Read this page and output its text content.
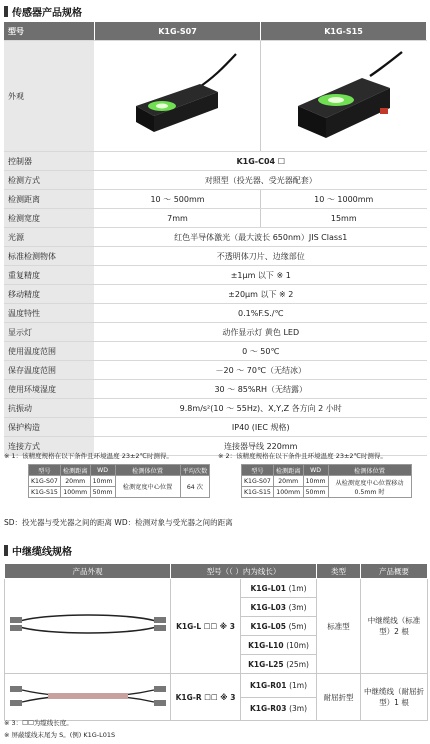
传感器产品规格
型号	K1G-S07	K1G-S15
外观	

控制器	K1G-C04 ☐	
检测方式	对照型（投光器、受光器配套）	
检测距离	10 ～ 500mm	10 ～ 1000mm
检测宽度	7mm	15mm
光源	红色半导体激光（最大波长 650nm）JIS Class1	
标准检测物体	不透明体刀片、边缘部位	
重复精度	±1μm 以下 ※ 1	
移动精度	±20μm 以下 ※ 2	
温度特性	0.1%F.S./℃	
显示灯	动作显示灯 黄色 LED	
使用温度范围	0 ～ 50℃	
保存温度范围	－20 ～ 70℃（无结冰）	
使用环境湿度	30 ～ 85%RH（无结露）	
抗振动	9.8m/s²(10 ～ 55Hz)、X,Y,Z 各方向 2 小时	
保护构造	IP40 (IEC 规格)	
连接方式	连接器导线 220mm	
※ 1：该精度规格在以下条件且环境温度 23±2℃时测得。	※ 2：该精度规格在以下条件且环境温度 23±2℃时测得。
型号	检测距离	WD	检测体位置	平均次数
K1G-S07	20mm	10mm	检测宽度中心位置	64 次
K1G-S15	100mm	50mm		
型号	检测距离	WD	检测体位置
K1G-S07	20mm	10mm	从检测宽度中心位置移动 0.5mm 时
K1G-S15	100mm	50mm	
SD：投光器与受光器之间的距离 WD：检测对象与受光器之间的距离
中继缆线规格
产品外观	型号（（ ）内为线长）		类型	产品概要
	K1G-L ☐☐ ※ 3	K1G-L01 (1m)	标准型	中继缆线（标准型）2 根
		K1G-L03 (3m)		
		K1G-L05 (5m)		
		K1G-L10 (10m)		
		K1G-L25 (25m)		
	K1G-R ☐☐ ※ 3	K1G-R01 (1m)	耐屈折型	中继缆线（耐屈折型）1 根
		K1G-R03 (3m)		
※ 3：☐☐为缆线长度。
※ 屏蔽缆线末尾为 S。(例) K1G-L01S
